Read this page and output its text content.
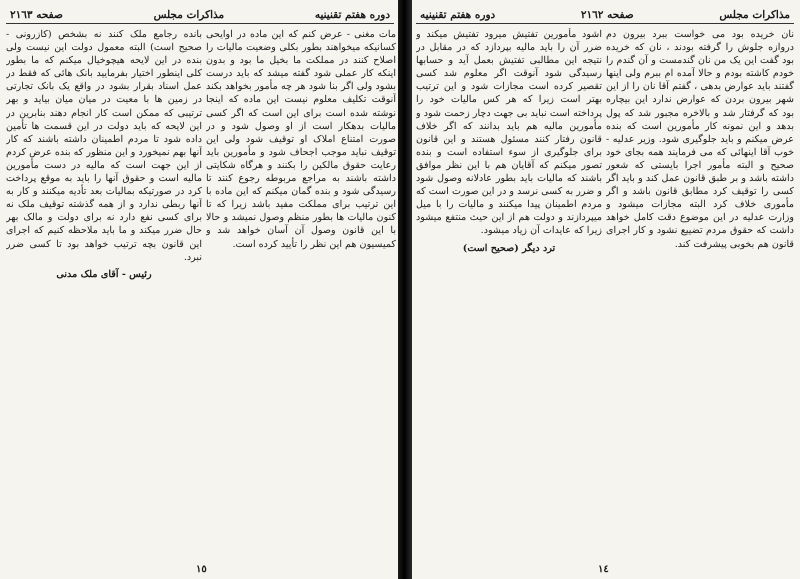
دوره هفتم تقنينيه
مذاكرات مجلس
صفحه ٢١٦٣

مات مغنی - عرض کنم که این ماده در اوایحی کسانیکه میخواهند بطور بکلی وضعیت مالیات را اصلاح کنند در مملکت ما بخیل ما بود و بدون اینکه کار عملی شود گفته میشد که باید درست بشود ولی اگر بنا شود هر چه مأمور بخواهد بکند آنوقت تکلیف معلوم نیست این ماده که اینجا نوشته شده است برای این است که اگر کسی مالیات بدهکار است از او وصول شود و در صورت امتناع املاک او توقیف شود ولی این توقیف نباید موجب اجحاف شود و مأمورین باید رعایت حقوق مالکین را بکنند و هرگاه شکایتی داشته باشند به مراجع مربوطه رجوع کنند تا رسیدگی شود و بنده گمان میکنم که این ماده با این ترتیب برای مملکت مفید باشد زیرا که تا کنون مالیات ها بطور منظم وصول نمیشد و حالا با این قانون وصول آن آسان خواهد شد و کمیسیون هم این نظر را تأیید کرده است.

بانده رجامع ملک کنند نه بشخص (کازرونی - صحیح است) البته معمول دولت این نیست ولی بنده در این لایحه هیچوخیال میکنم که ما بطور کلی اینطور اختیار بفرمایید بانک هائی که فقط در عمل اسناد بقرار بشود در واقع یک بانک تجارتی در زمین ها با معیت در میان میان بیاید و بهر ترتیبی که ممکن است کار انجام دهند بنابرین در این لایحه که باید دولت در این قسمت ها تأمین داده شود تا مردم اطمینان داشته باشند که کار آنها بهم نمیخورد و این منظور که بنده عرض کردم از این جهت است که مالیه در دست مأمورین مالیه است و حقوق آنها را باید به موقع پرداخت کرد در صورتیکه بمالیات بعد تأدیه میکنند و کار به آنها ربطی ندارد و از همه گذشته توقیف ملک نه برای کسی نفع دارد نه برای دولت و مالک بهر حال ضرر میکند و ما باید ملاحظه کنیم که اجرای این قانون بچه ترتیب خواهد بود تا کسی ضرر نبرد.

رئیس - آقای ملک مدنی
١٥
مذاکرات مجلس
صفحه ٢١٦٢
دوره هفتم تقنینیه

نان خریده بود می خواست ببرد بیرون دم دروازه جلوش را گرفته بودند ، نان که خریده بود گفت این یک من نان گندمست و آن گندم را خودم کاشته بودم و حالا آمده ام ببرم ولی اینها گفتند باید عوارض بدهی ، گفتم آقا نان را از این شهر بیرون بردن که عوارض ندارد این بیچاره بود که گرفتار شد و بالاخره مجبور شد که پول بدهد و این نمونه کار مأمورین است که بنده عرض میکنم و باید جلوگیری شود. وزیر عدلیه - خوب آقا اینهائی که می فرمایند همه بجای خود صحیح و البته مأمور اجرا بایستی که شعور داشته باشد و بر طبق قانون عمل کند و باید اگر کسی را توقیف کرد مطابق قانون باشد و اگر مأموری خلاف کرد البته مجازات میشود و وزارت عدلیه در این موضوع دقت کامل خواهد داشت که حقوق مردم تضییع نشود و کار اجرای قانون هم بخوبی پیشرفت کند.

اشود مأمورین تفتیش میرود تفتیش میکند و ضرر آن را باید مالیه بپردازد که در مقابل در نتیجه این مطالبی تفتیش بعمل آید و حسابها رسیدگی شود آنوقت اگر معلوم شد کسی تقصیر کرده است مجازات شود و این ترتیب بهتر است زیرا که هر کس مالیات خود را پرداخته است نباید بی جهت دچار زحمت شود و مأمورین مالیه هم باید بدانند که اگر خلاف قانون رفتار کنند مسئول هستند و این قانون برای جلوگیری از سوء استفاده است و بنده تصور میکنم که آقایان هم با این نظر موافق باشند که مالیات باید بطور عادلانه وصول شود و ضرر به کسی نرسد و در این صورت است که مردم اطمینان پیدا میکنند و مالیات را با میل میپردازند و دولت هم از این حیث منتفع میشود زیرا که عایدات آن زیاد میشود.

ترد دیگر (صحیح است)
١٤
